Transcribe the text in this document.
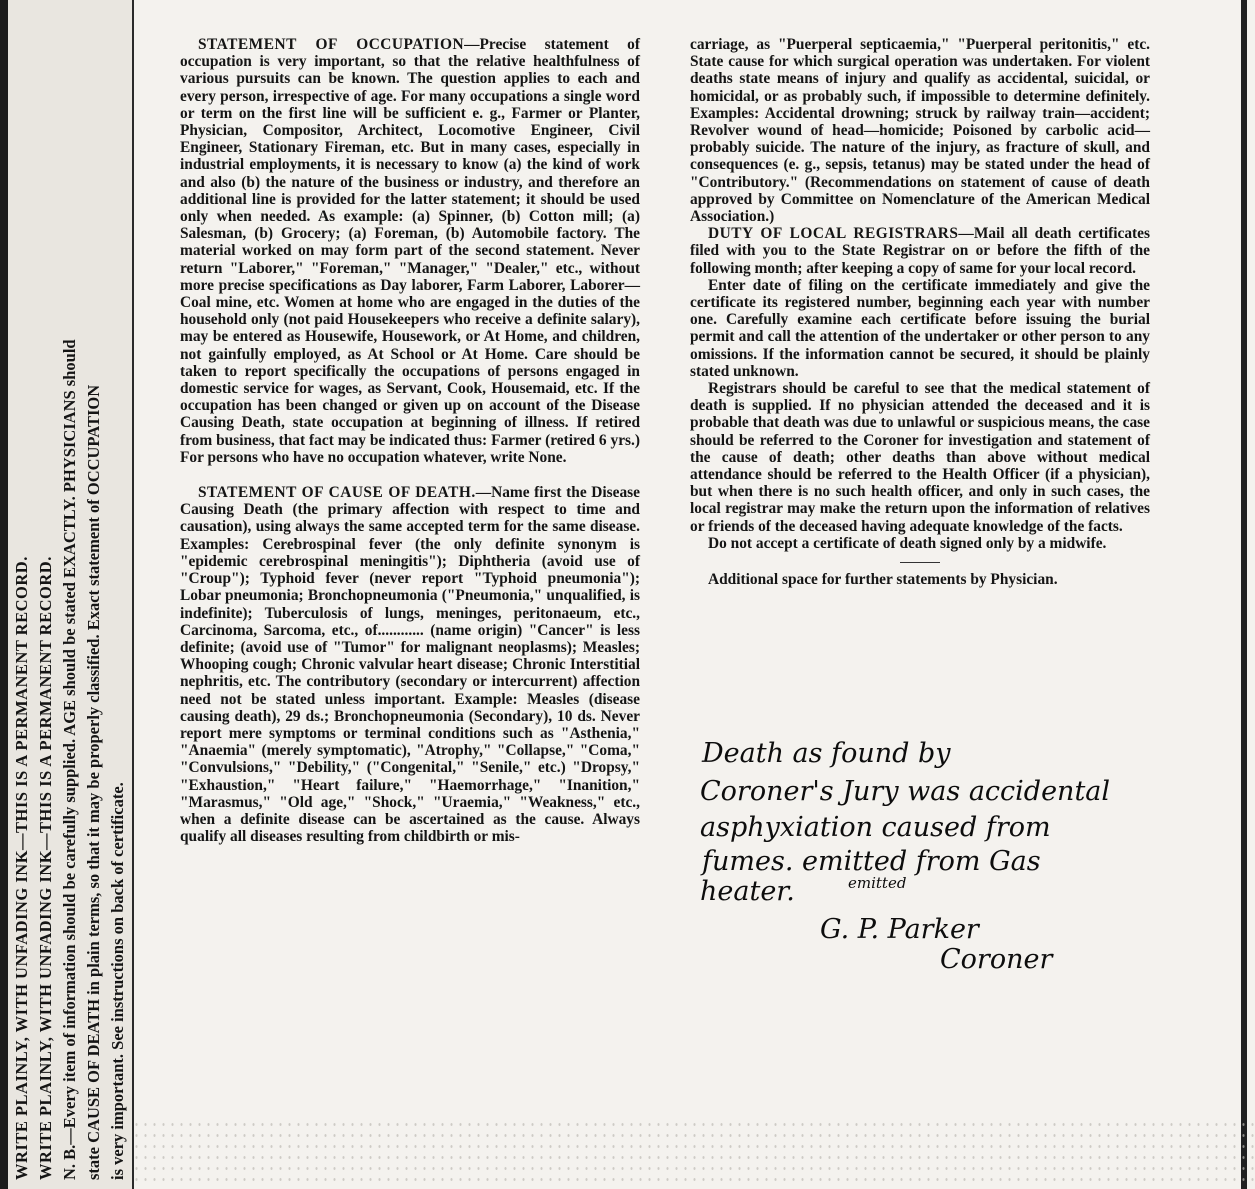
WRITE PLAINLY, WITH UNFADING INK—THIS IS A PERMANENT RECORD. WRITE PLAINLY, WITH UNFADING INK—THIS IS A PERMANENT RECORD. N. B.—Every item of information should be carefully supplied. AGE should be stated EXACTLY. PHYSICIANS should state CAUSE OF DEATH in plain terms, so that it may be properly classified. Exact statement of OCCUPATION is very important. See instructions on back of certificate.

STATEMENT OF OCCUPATION—Precise statement of occupation is very important, so that the relative healthfulness of various pursuits can be known. The question applies to each and every person, irrespective of age. For many occupations a single word or term on the first line will be sufficient e. g., Farmer or Planter, Physician, Compositor, Architect, Locomotive Engineer, Civil Engineer, Stationary Fireman, etc. But in many cases, especially in industrial employments, it is necessary to know (a) the kind of work and also (b) the nature of the business or industry, and therefore an additional line is provided for the latter statement; it should be used only when needed. As example: (a) Spinner, (b) Cotton mill; (a) Salesman, (b) Grocery; (a) Foreman, (b) Automobile factory. The material worked on may form part of the second statement. Never return "Laborer," "Foreman," "Manager," "Dealer," etc., without more precise specifications as Day laborer, Farm Laborer, Laborer—Coal mine, etc. Women at home who are engaged in the duties of the household only (not paid Housekeepers who receive a definite salary), may be entered as Housewife, Housework, or At Home, and children, not gainfully employed, as At School or At Home. Care should be taken to report specifically the occupations of persons engaged in domestic service for wages, as Servant, Cook, Housemaid, etc. If the occupation has been changed or given up on account of the Disease Causing Death, state occupation at beginning of illness. If retired from business, that fact may be indicated thus: Farmer (retired 6 yrs.) For persons who have no occupation whatever, write None.

STATEMENT OF CAUSE OF DEATH.—Name first the Disease Causing Death (the primary affection with respect to time and causation), using always the same accepted term for the same disease. Examples: Cerebrospinal fever (the only definite synonym is "epidemic cerebrospinal meningitis"); Diphtheria (avoid use of "Croup"); Typhoid fever (never report "Typhoid pneumonia"); Lobar pneumonia; Bronchopneumonia ("Pneumonia," unqualified, is indefinite); Tuberculosis of lungs, meninges, peritonaeum, etc., Carcinoma, Sarcoma, etc., of............ (name origin) "Cancer" is less definite; (avoid use of "Tumor" for malignant neoplasms); Measles; Whooping cough; Chronic valvular heart disease; Chronic Interstitial nephritis, etc. The contributory (secondary or intercurrent) affection need not be stated unless important. Example: Measles (disease causing death), 29 ds.; Bronchopneumonia (Secondary), 10 ds. Never report mere symptoms or terminal conditions such as "Asthenia," "Anaemia" (merely symptomatic), "Atrophy," "Collapse," "Coma," "Convulsions," "Debility," ("Congenital," "Senile," etc.) "Dropsy," "Exhaustion," "Heart failure," "Haemorrhage," "Inanition," "Marasmus," "Old age," "Shock," "Uraemia," "Weakness," etc., when a definite disease can be ascertained as the cause. Always qualify all diseases resulting from childbirth or mis-

carriage, as "Puerperal septicaemia," "Puerperal peritonitis," etc. State cause for which surgical operation was undertaken. For violent deaths state means of injury and qualify as accidental, suicidal, or homicidal, or as probably such, if impossible to determine definitely. Examples: Accidental drowning; struck by railway train—accident; Revolver wound of head—homicide; Poisoned by carbolic acid—probably suicide. The nature of the injury, as fracture of skull, and consequences (e. g., sepsis, tetanus) may be stated under the head of "Contributory." (Recommendations on statement of cause of death approved by Committee on Nomenclature of the American Medical Association.)

DUTY OF LOCAL REGISTRARS—Mail all death certificates filed with you to the State Registrar on or before the fifth of the following month; after keeping a copy of same for your local record.

Enter date of filing on the certificate immediately and give the certificate its registered number, beginning each year with number one. Carefully examine each certificate before issuing the burial permit and call the attention of the undertaker or other person to any omissions. If the information cannot be secured, it should be plainly stated unknown.

Registrars should be careful to see that the medical statement of death is supplied. If no physician attended the deceased and it is probable that death was due to unlawful or suspicious means, the case should be referred to the Coroner for investigation and statement of the cause of death; other deaths than above without medical attendance should be referred to the Health Officer (if a physician), but when there is no such health officer, and only in such cases, the local registrar may make the return upon the information of relatives or friends of the deceased having adequate knowledge of the facts.

Do not accept a certificate of death signed only by a midwife.

Additional space for further statements by Physician.

Death as found by
Coroner's Jury was accidental
asphyxiation caused from
fumes. emitted from Gas
emitted
heater.
G. P. Parker
Coroner
